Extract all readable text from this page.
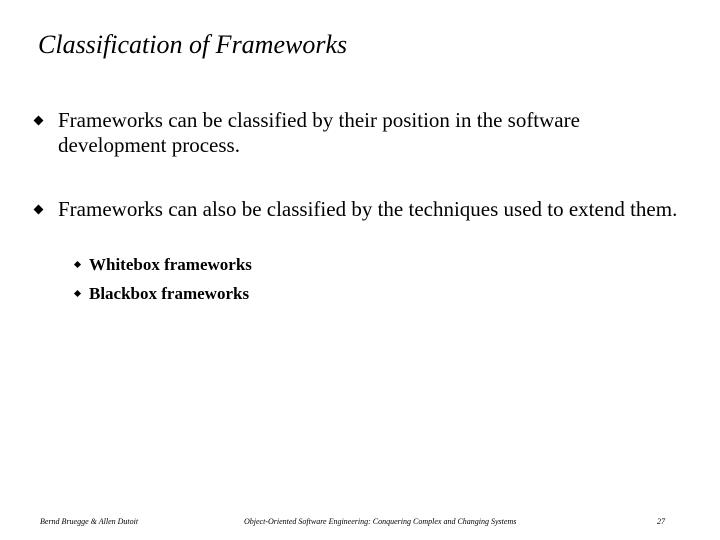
Classification of Frameworks
Frameworks can be classified by their position in the software development process.
Frameworks can also be classified by the techniques used to extend them.
Whitebox frameworks
Blackbox frameworks
Bernd Bruegge & Allen Dutoit	Object-Oriented Software Engineering: Conquering Complex and Changing Systems	27
